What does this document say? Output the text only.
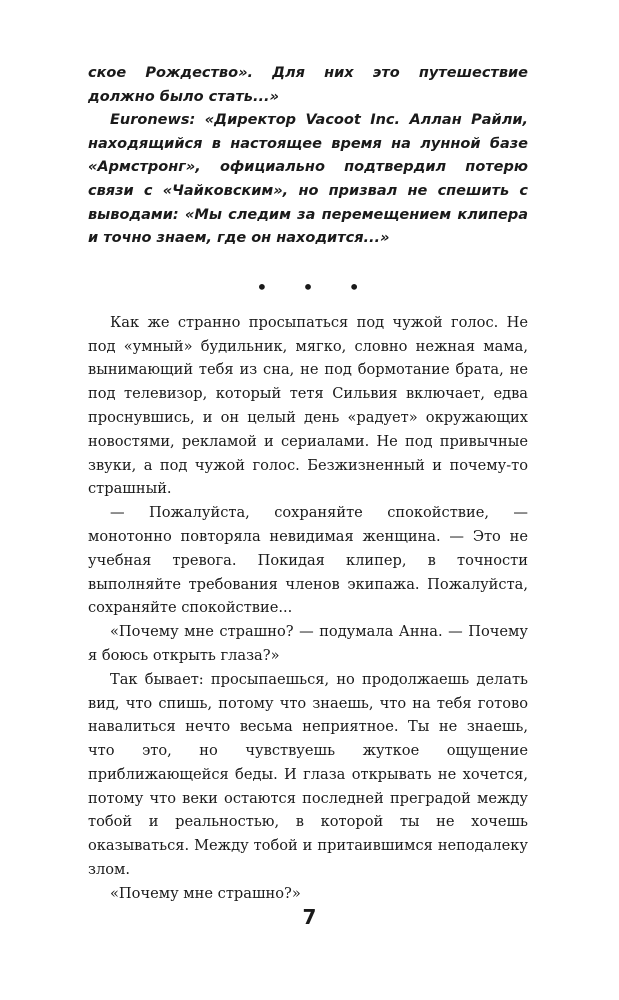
ское Рождество». Для них это путешествие должно было стать...»

Euronews: «Директор Vacoot Inc. Аллан Райли, находящийся в настоящее время на лунной базе «Армстронг», официально подтвердил потерю связи с «Чайковским», но призвал не спешить с выводами: «Мы следим за перемещением клипера и точно знаем, где он находится...»

• • •

Как же странно просыпаться под чужой голос. Не под «умный» будильник, мягко, словно нежная мама, вынимающий тебя из сна, не под бормотание брата, не под телевизор, который тетя Сильвия включает, едва проснувшись, и он целый день «радует» окружающих новостями, рекламой и сериалами. Не под привычные звуки, а под чужой голос. Безжизненный и почему-то страшный.

— Пожалуйста, сохраняйте спокойствие, — монотонно повторяла невидимая женщина. — Это не учебная тревога. Покидая клипер, в точности выполняйте требования членов экипажа. Пожалуйста, сохраняйте спокойствие...

«Почему мне страшно? — подумала Анна. — Почему я боюсь открыть глаза?»

Так бывает: просыпаешься, но продолжаешь делать вид, что спишь, потому что знаешь, что на тебя готово навалиться нечто весьма неприятное. Ты не знаешь, что это, но чувствуешь жуткое ощущение приближающейся беды. И глаза открывать не хочется, потому что веки остаются последней преградой между тобой и реальностью, в которой ты не хочешь оказываться. Между тобой и притаившимся неподалеку злом.

«Почему мне страшно?»

7
